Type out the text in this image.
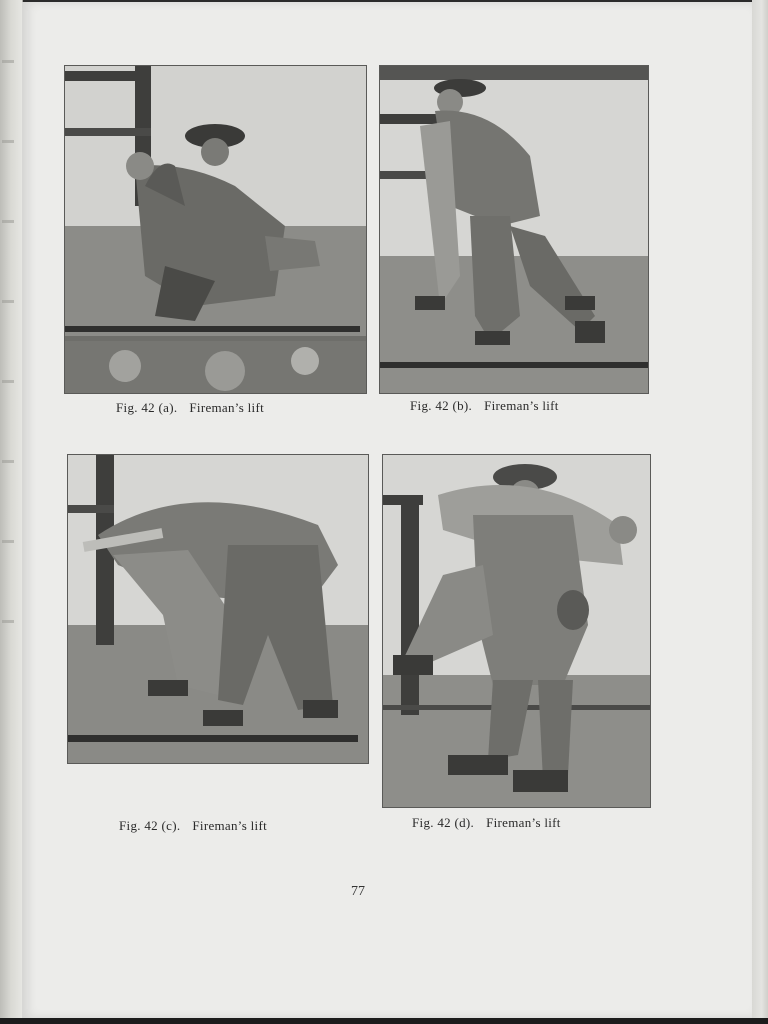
Fig. 42 (a). Fireman’s lift	Fig. 42 (b). Fireman’s lift
Fig. 42 (c). Fireman’s lift	Fig. 42 (d). Fireman’s lift
77
